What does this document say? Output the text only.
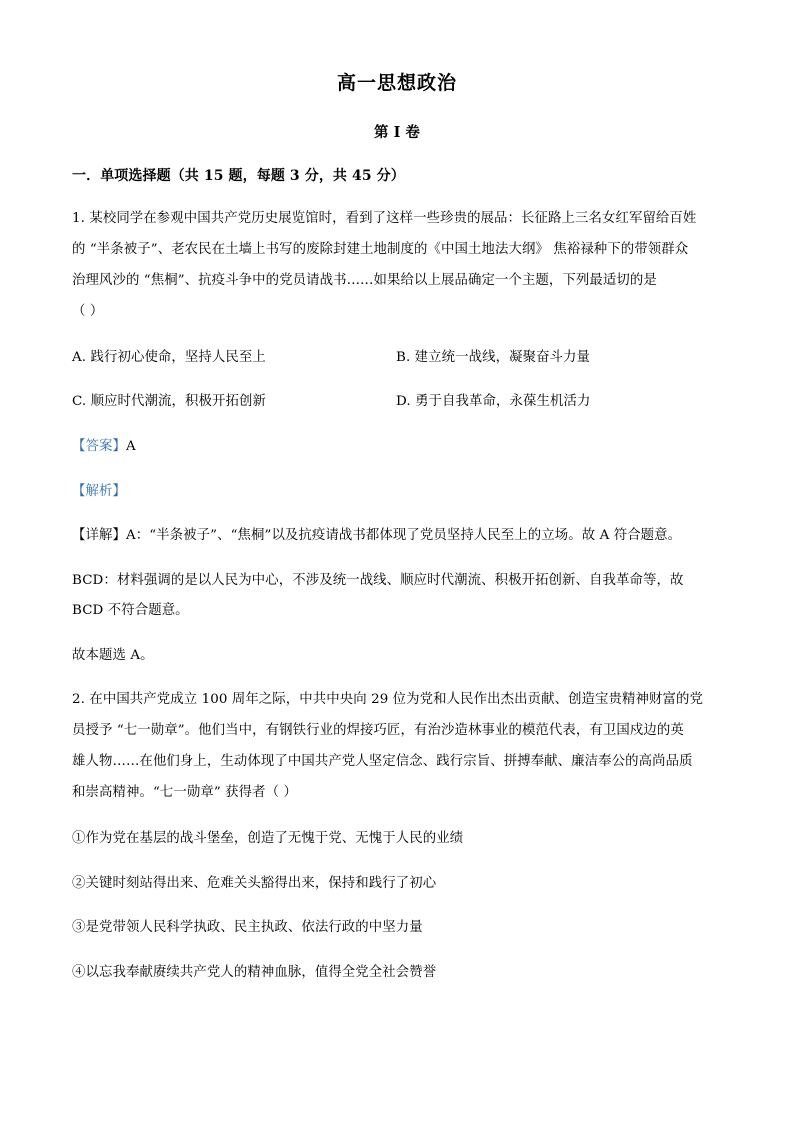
高一思想政治
第 I 卷
一．单项选择题（共 15 题，每题 3 分，共 45 分）
1. 某校同学在参观中国共产党历史展览馆时，看到了这样一些珍贵的展品：长征路上三名女红军留给百姓
的 “半条被子”、老农民在土墙上书写的废除封建土地制度的《中国土地法大纲》 焦裕禄种下的带领群众
治理风沙的 “焦桐”、抗疫斗争中的党员请战书……如果给以上展品确定一个主题，下列最适切的是
（ ）
A. 践行初心使命，坚持人民至上	B. 建立统一战线，凝聚奋斗力量
C. 顺应时代潮流，积极开拓创新	D. 勇于自我革命，永葆生机活力
【答案】A
【解析】
【详解】A：“半条被子”、“焦桐”以及抗疫请战书都体现了党员坚持人民至上的立场。故 A 符合题意。
BCD：材料强调的是以人民为中心，不涉及统一战线、顺应时代潮流、积极开拓创新、自我革命等，故
BCD 不符合题意。
故本题选 A。
2. 在中国共产党成立 100 周年之际，中共中央向 29 位为党和人民作出杰出贡献、创造宝贵精神财富的党
员授予 “七一勋章”。他们当中，有钢铁行业的焊接巧匠，有治沙造林事业的模范代表，有卫国戍边的英
雄人物……在他们身上，生动体现了中国共产党人坚定信念、践行宗旨、拼搏奉献、廉洁奉公的高尚品质
和崇高精神。“七一勋章” 获得者（ ）
①作为党在基层的战斗堡垒，创造了无愧于党、无愧于人民的业绩
②关键时刻站得出来、危难关头豁得出来，保持和践行了初心
③是党带领人民科学执政、民主执政、依法行政的中坚力量
④以忘我奉献赓续共产党人的精神血脉，值得全党全社会赞誉
